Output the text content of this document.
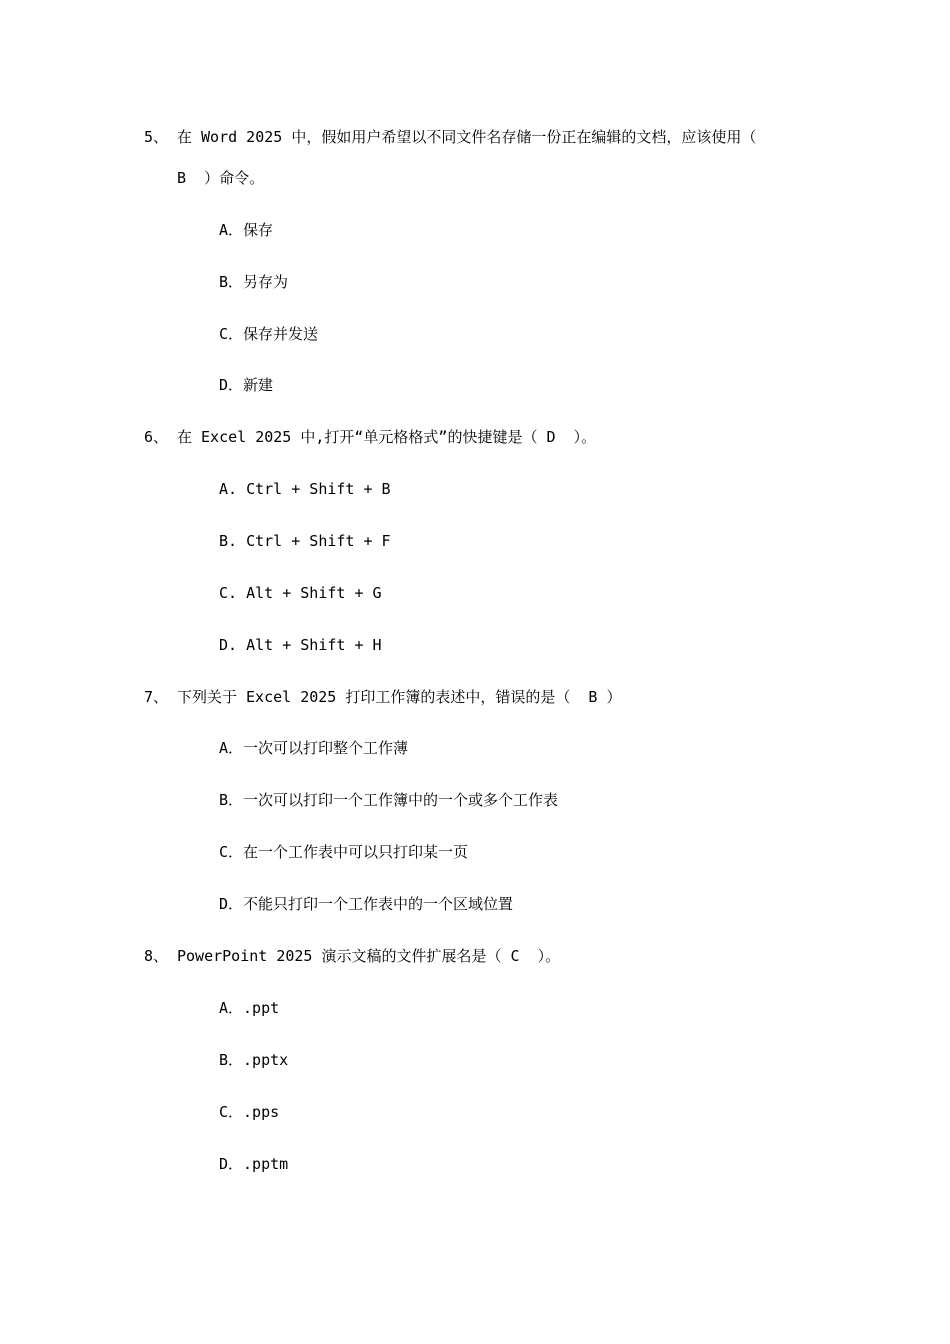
5、 在 Word 2025 中，假如用户希望以不同文件名存储一份正在编辑的文档，应该使用（
B  ）命令。
A．保存
B．另存为
C．保存并发送
D．新建
6、 在 Excel 2025 中,打开“单元格格式”的快捷键是（ D  ）。
A. Ctrl + Shift + B
B. Ctrl + Shift + F
C. Alt + Shift + G
D. Alt + Shift + H
7、 下列关于 Excel 2025 打印工作簿的表述中，错误的是（  B ）
A．一次可以打印整个工作薄
B．一次可以打印一个工作簿中的一个或多个工作表
C．在一个工作表中可以只打印某一页
D．不能只打印一个工作表中的一个区域位置
8、 PowerPoint 2025 演示文稿的文件扩展名是（ C  ）。
A．.ppt
B．.pptx
C．.pps
D．.pptm
